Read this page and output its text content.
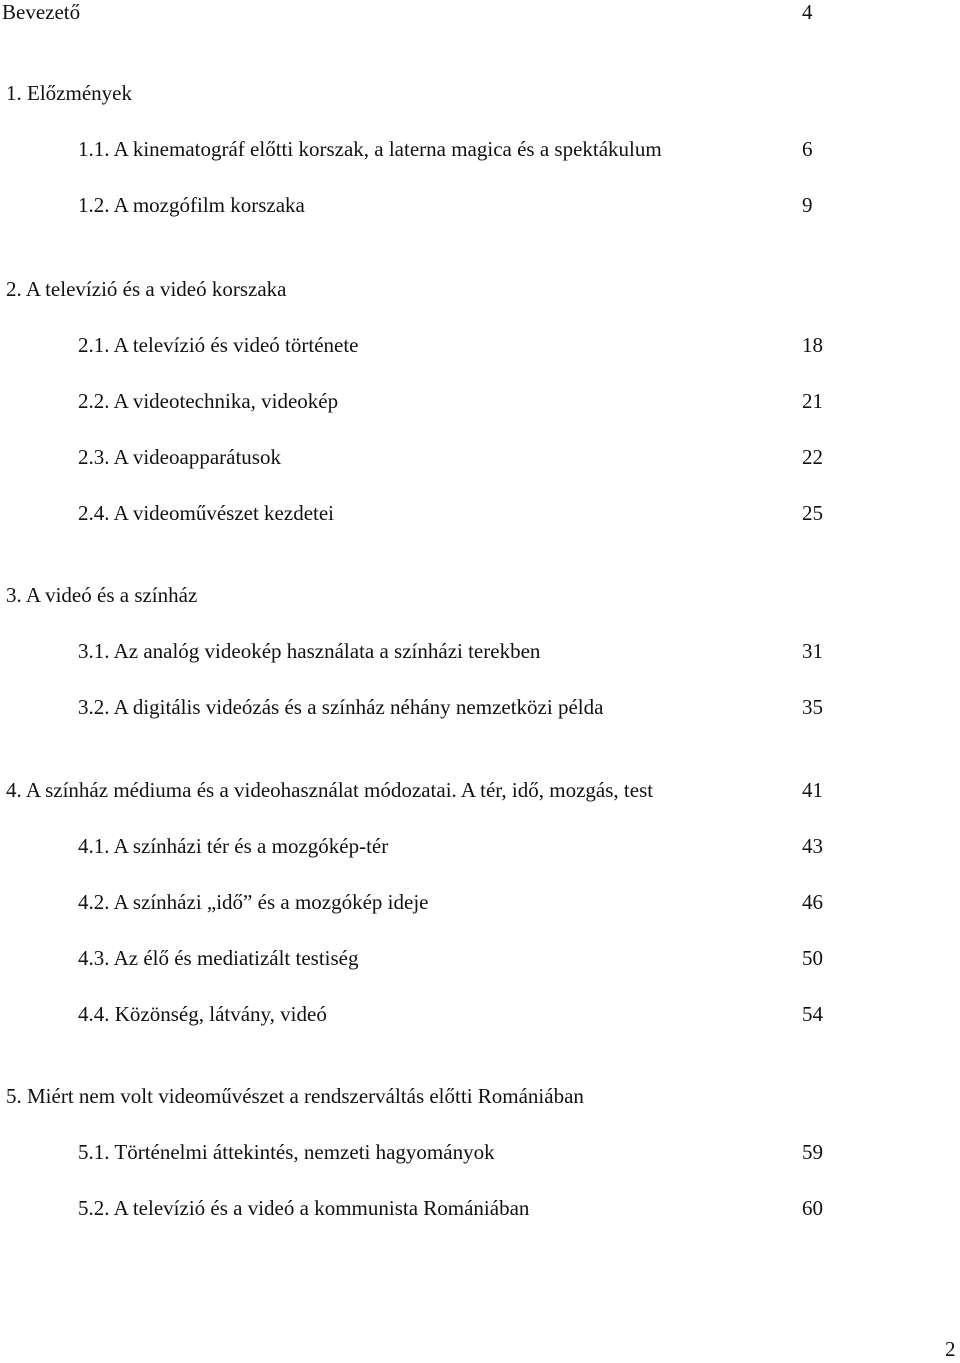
Bevezető	4
1. Előzmények
1.1. A kinematográf előtti korszak, a laterna magica és a spektákulum	6
1.2. A mozgófilm korszaka	9
2. A televízió és a videó korszaka
2.1. A televízió és videó története	18
2.2. A videotechnika, videokép	21
2.3. A videoapparátusok	22
2.4. A videoművészet kezdetei	25
3. A videó és a színház
3.1. Az analóg videokép használata a színházi terekben	31
3.2. A digitális videózás és a színház néhány nemzetközi példa	35
4. A színház médiuma és a videohasználat módozatai. A tér, idő, mozgás, test	41
4.1. A színházi tér és a mozgókép-tér	43
4.2. A színházi „idő” és a mozgókép ideje	46
4.3. Az élő és mediatizált testiség	50
4.4. Közönség, látvány, videó	54
5. Miért nem volt videoművészet a rendszerváltás előtti Romániában
5.1. Történelmi áttekintés, nemzeti hagyományok	59
5.2. A televízió és a videó a kommunista Romániában	60
2
